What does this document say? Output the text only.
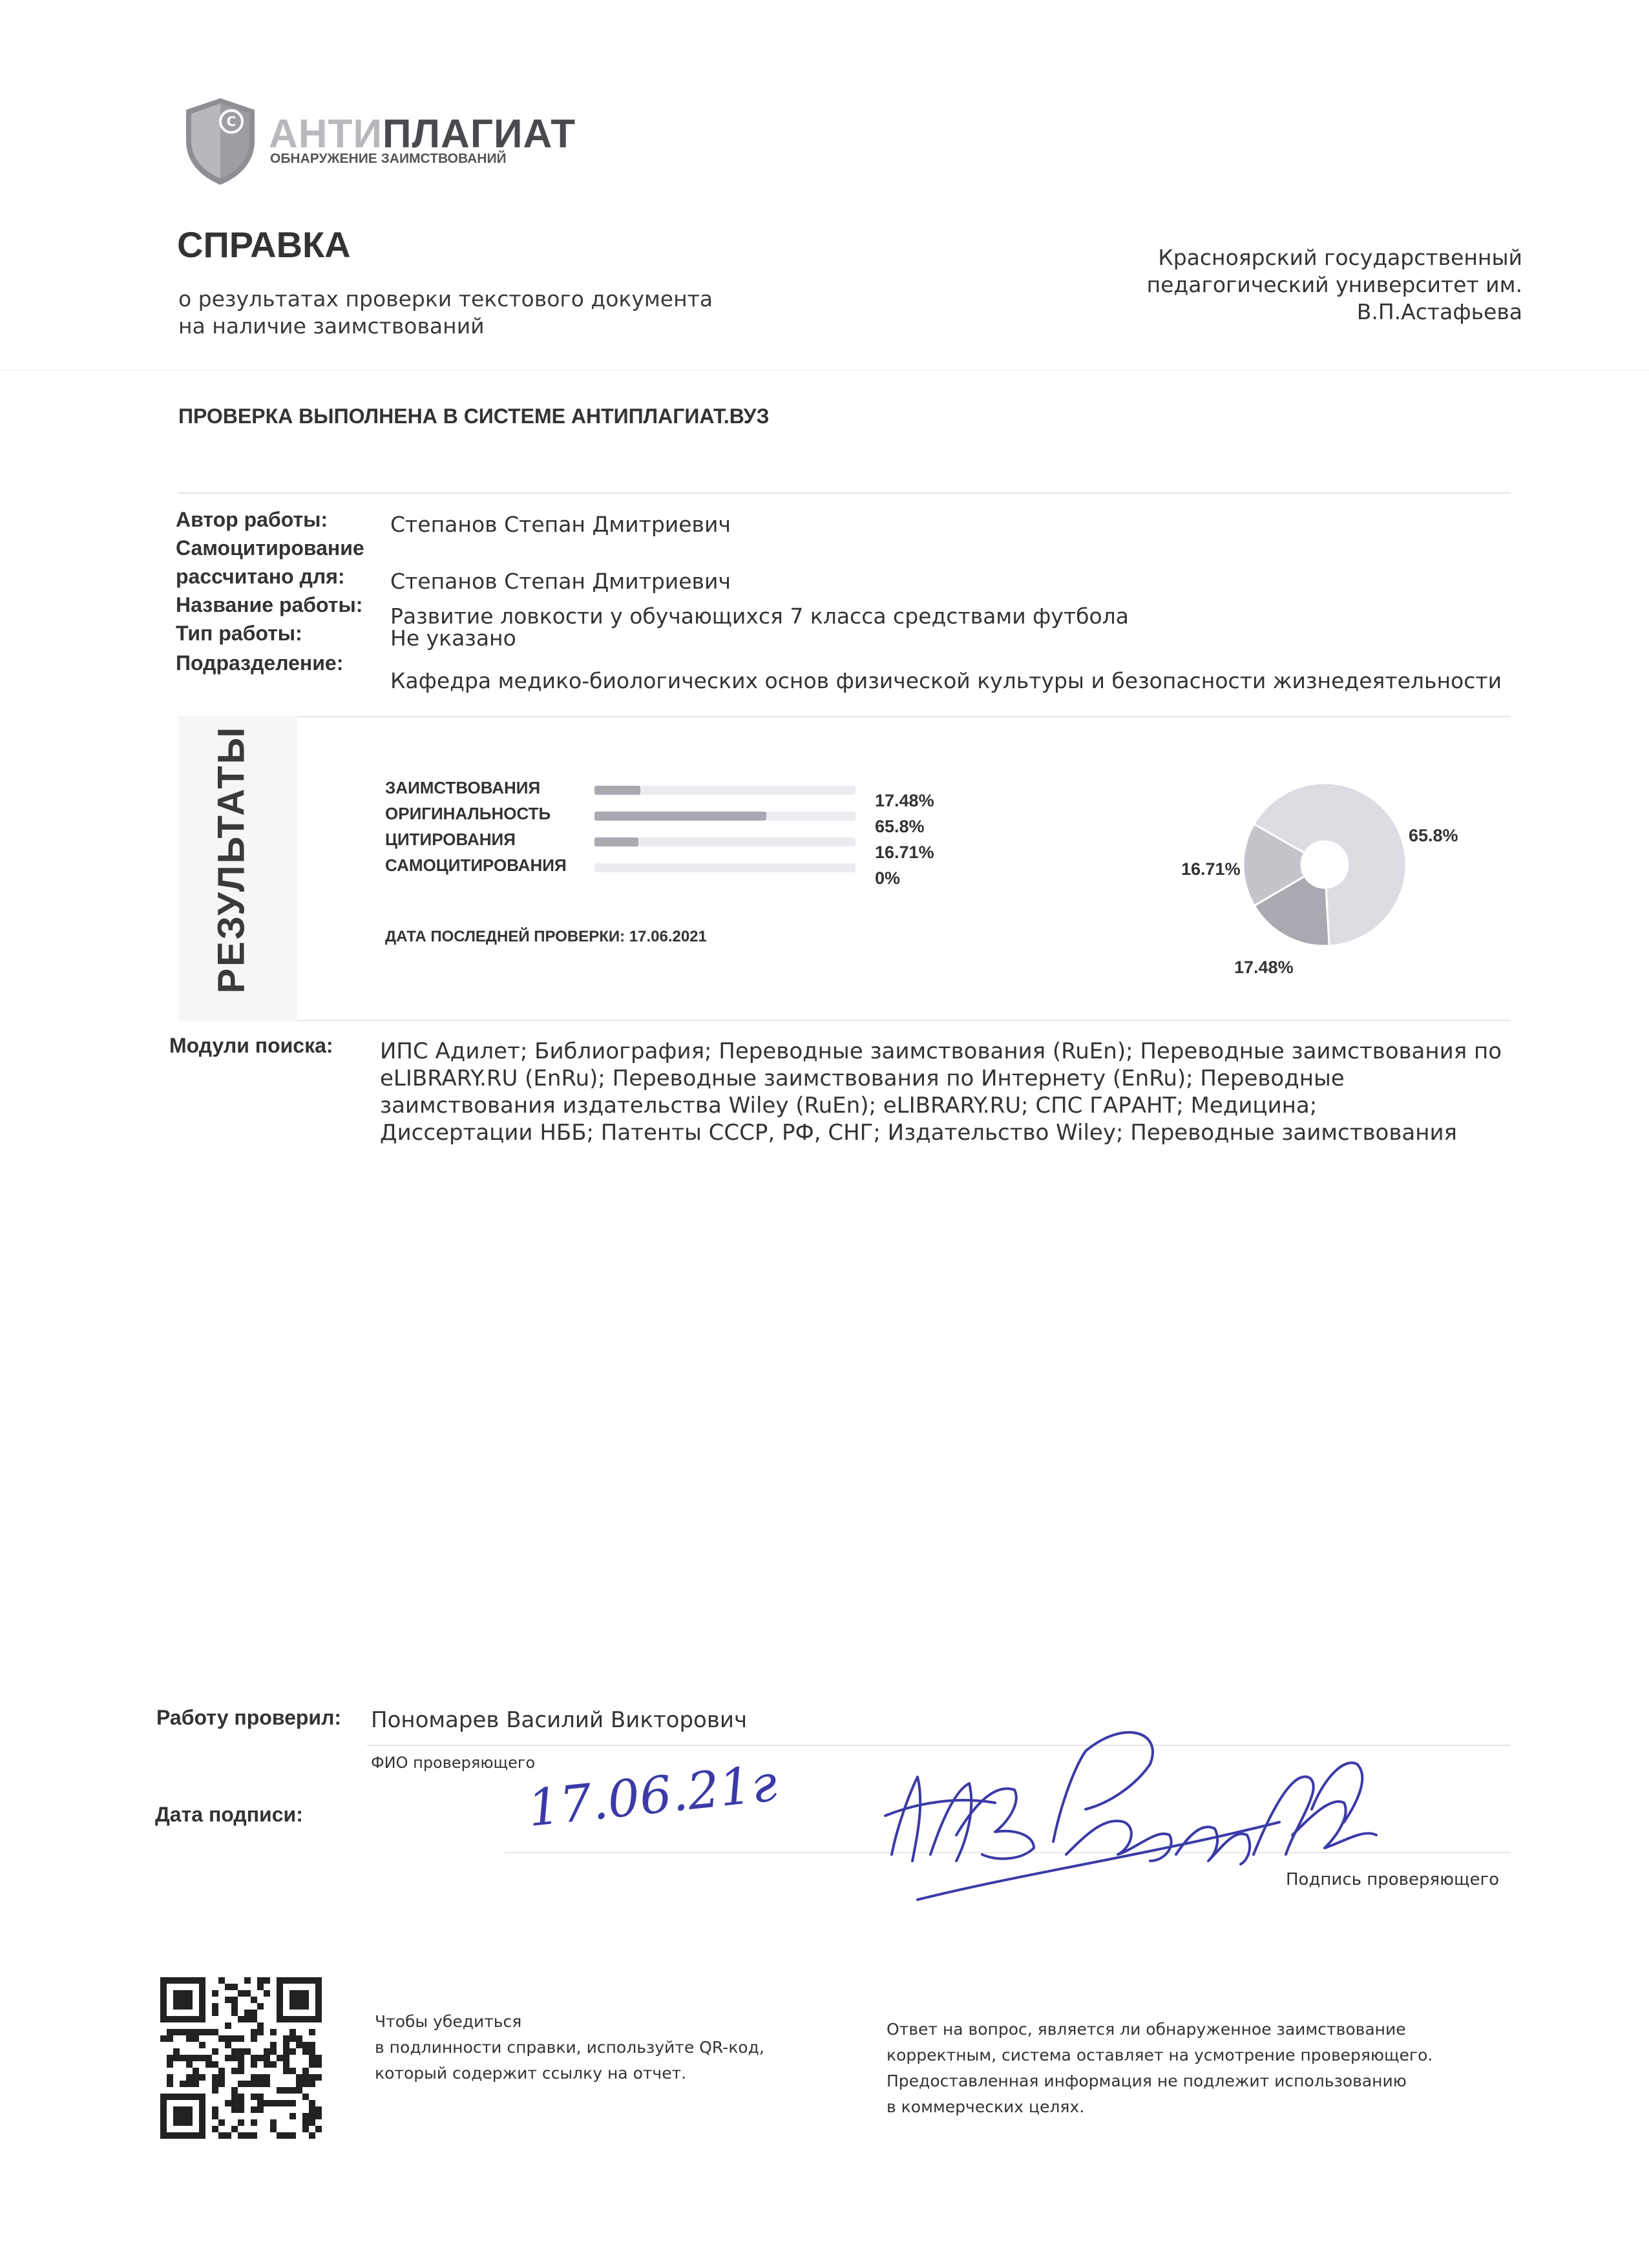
C АНТИПЛАГИАТ
ОБНАРУЖЕНИЕ ЗАИМСТВОВАНИЙ
СПРАВКА
о результатах проверки текстового документа
на наличие заимствований
Красноярский государственный
педагогический университет им.
В.П.Астафьева
ПРОВЕРКА ВЫПОЛНЕНА В СИСТЕМЕ АНТИПЛАГИАТ.ВУЗ
Автор работы:	Степанов Степан Дмитриевич
Самоцитирование
рассчитано для: Степанов Степан Дмитриевич
Название работы: Развитие ловкости у обучающихся 7 класса средствами футбола
Тип работы:	Не указано
Подразделение:
Кафедра медико-биологических основ физической культуры и безопасности жизнедеятельности
РЕЗУЛЬТАТЫ	ЗАИМСТВОВАНИЯ
17.48%
ОРИГИНАЛЬНОСТЬ
65.8%
ЦИТИРОВАНИЯ
16.71%
САМОЦИТИРОВАНИЯ
0%
ДАТА ПОСЛЕДНЕЙ ПРОВЕРКИ: 17.06.2021
65.8%
17.48%
16.71%
Модули поиска: ИПС Адилет; Библиография; Переводные заимствования (RuEn); Переводные заимствования по
eLIBRARY.RU (EnRu); Переводные заимствования по Интернету (EnRu); Переводные
заимствования издательства Wiley (RuEn); eLIBRARY.RU; СПС ГАРАНТ; Медицина;
Диссертации НББ; Патенты СССР, РФ, СНГ; Издательство Wiley; Переводные заимствования
Работу проверил: Пономарев Василий Викторович
ФИО проверяющего
Дата подписи:
Подпись проверяющего
17.06.21г
Чтобы убедиться
в подлинности справки, используйте QR-код,
который содержит ссылку на отчет.
Ответ на вопрос, является ли обнаруженное заимствование
корректным, система оставляет на усмотрение проверяющего.
Предоставленная информация не подлежит использованию
в коммерческих целях.
